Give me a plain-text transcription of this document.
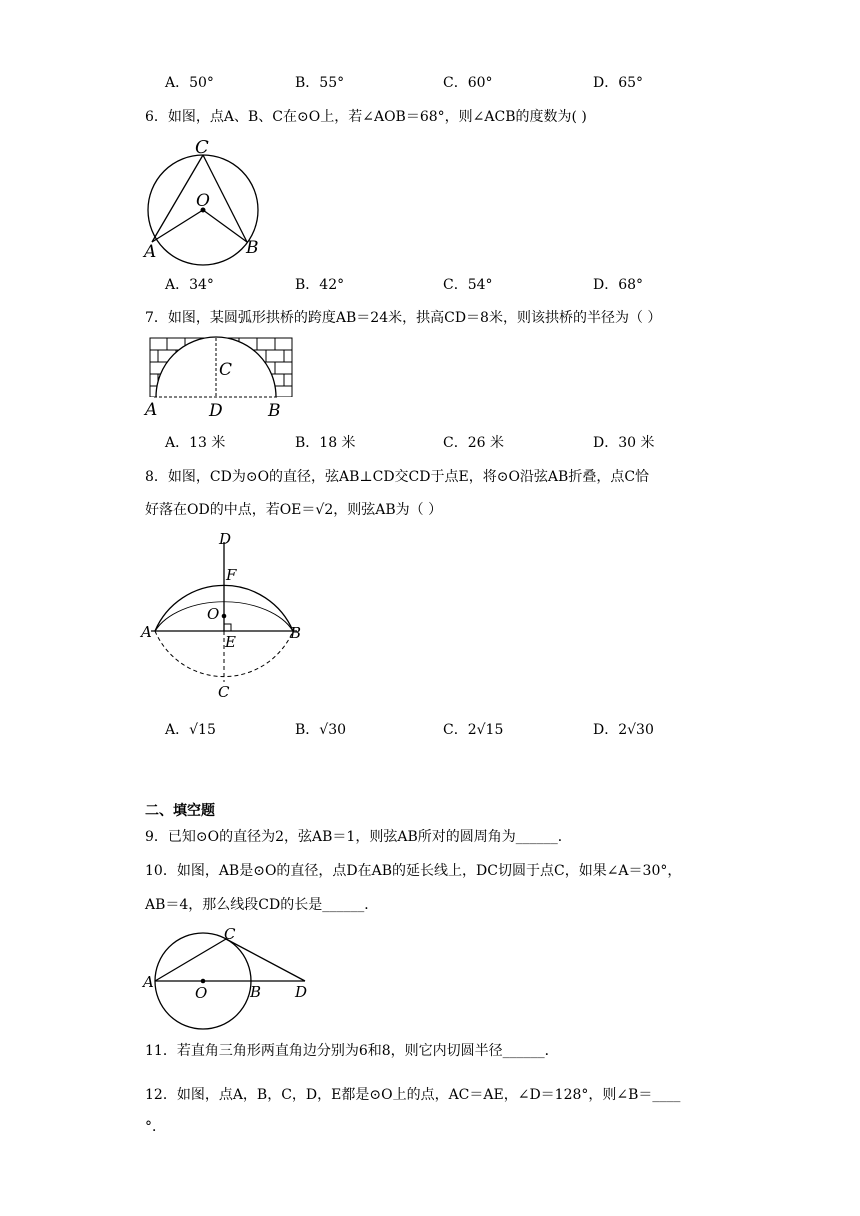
A．50°	B．55°	C．60°	D．65°
6．如图，点A、B、C在⊙O上，若∠AOB＝68°，则∠ACB的度数为( )
C
O
A	B
A．34°	B．42°	C．54°	D．68°
7．如图，某圆弧形拱桥的跨度AB＝24米，拱高CD＝8米，则该拱桥的半径为（ ）
C
A	D	B
A．13 米	B．18 米	C．26 米	D．30 米
8．如图，CD为⊙O的直径，弦AB⊥CD交CD于点E，将⊙O沿弦AB折叠，点C恰
好落在OD的中点，若OE＝√2，则弦AB为（ ）
D
F
O
A
E	B
C
A．√15	B．√30	C．2√15	D．2√30
二、填空题
9．已知⊙O的直径为2，弦AB＝1，则弦AB所对的圆周角为______．
10．如图，AB是⊙O的直径，点D在AB的延长线上，DC切圆于点C，如果∠A＝30°，
AB＝4，那么线段CD的长是______．
C
A
O	B D
11．若直角三角形两直角边分别为6和8，则它内切圆半径______．
12．如图，点A，B，C，D，E都是⊙O上的点，AC＝AE，∠D＝128°，则∠B＝____
°．
